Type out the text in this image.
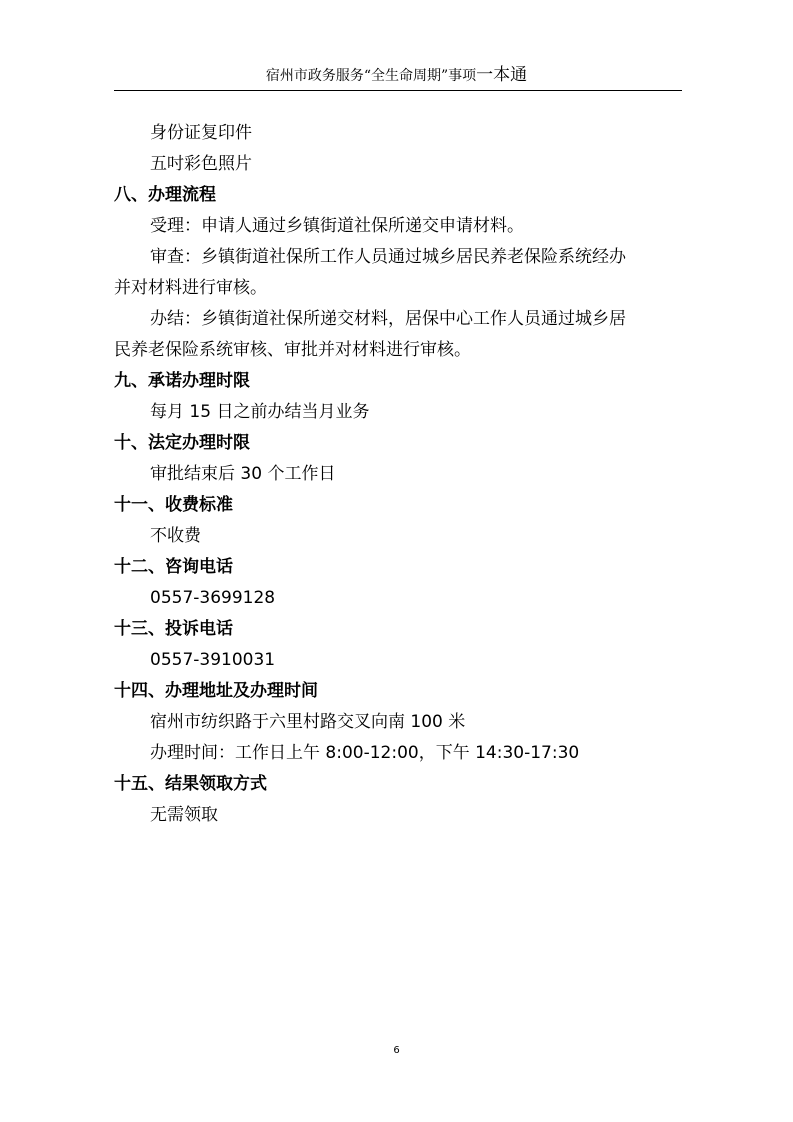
宿州市政务服务“全生命周期”事项一本通
身份证复印件
五吋彩色照片
八、办理流程
受理：申请人通过乡镇街道社保所递交申请材料。
审查：乡镇街道社保所工作人员通过城乡居民养老保险系统经办
并对材料进行审核。
办结：乡镇街道社保所递交材料，居保中心工作人员通过城乡居
民养老保险系统审核、审批并对材料进行审核。
九、承诺办理时限
每月 15 日之前办结当月业务
十、法定办理时限
审批结束后 30 个工作日
十一、收费标准
不收费
十二、咨询电话
0557-3699128
十三、投诉电话
0557-3910031
十四、办理地址及办理时间
宿州市纺织路于六里村路交叉向南 100 米
办理时间：工作日上午 8:00-12:00，下午 14:30-17:30
十五、结果领取方式
无需领取
6
